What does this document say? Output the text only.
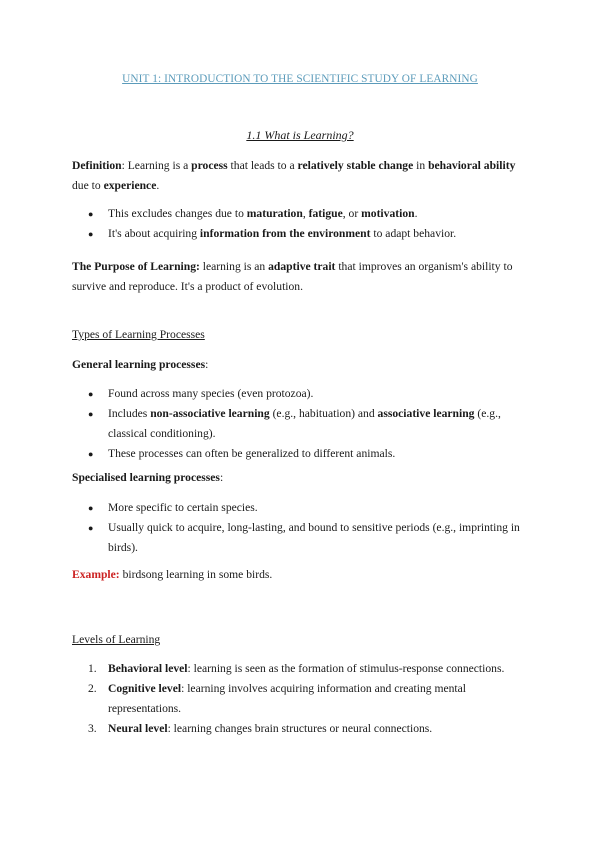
UNIT 1: INTRODUCTION TO THE SCIENTIFIC STUDY OF LEARNING
1.1 What is Learning?
Definition: Learning is a process that leads to a relatively stable change in behavioral ability
due to experience.
● This excludes changes due to maturation, fatigue, or motivation.
● It's about acquiring information from the environment to adapt behavior.
The Purpose of Learning: learning is an adaptive trait that improves an organism's ability to
survive and reproduce. It's a product of evolution.
Types of Learning Processes
General learning processes:
● Found across many species (even protozoa).
● Includes non-associative learning (e.g., habituation) and associative learning (e.g.,
classical conditioning).
● These processes can often be generalized to different animals.
Specialised learning processes:
● More specific to certain species.
● Usually quick to acquire, long-lasting, and bound to sensitive periods (e.g., imprinting in
birds).
Example: birdsong learning in some birds.
Levels of Learning
1. Behavioral level: learning is seen as the formation of stimulus-response connections.
2. Cognitive level: learning involves acquiring information and creating mental
representations.
3. Neural level: learning changes brain structures or neural connections.
